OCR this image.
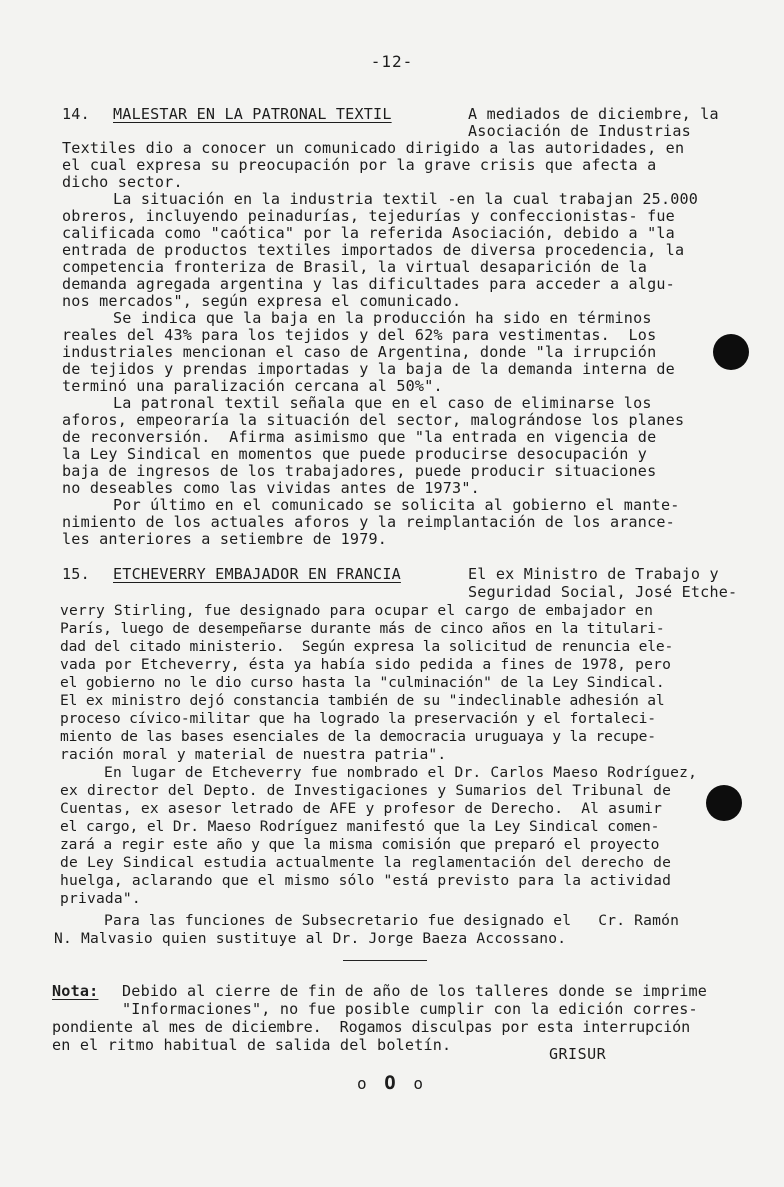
-12-
14. MALESTAR EN LA PATRONAL TEXTIL	A mediados de diciembre, la
Asociación de Industrias
Textiles dio a conocer un comunicado dirigido a las autoridades, en
el cual expresa su preocupación por la grave crisis que afecta a
dicho sector.
La situación en la industria textil -en la cual trabajan 25.000
obreros, incluyendo peinadurías, tejedurías y confeccionistas- fue
calificada como "caótica" por la referida Asociación, debido a "la
entrada de productos textiles importados de diversa procedencia, la
competencia fronteriza de Brasil, la virtual desaparición de la
demanda agregada argentina y las dificultades para acceder a algu-
nos mercados", según expresa el comunicado.
Se indica que la baja en la producción ha sido en términos
reales del 43% para los tejidos y del 62% para vestimentas.  Los
industriales mencionan el caso de Argentina, donde "la irrupción
de tejidos y prendas importadas y la baja de la demanda interna de
terminó una paralización cercana al 50%".
La patronal textil señala que en el caso de eliminarse los
aforos, empeoraría la situación del sector, malográndose los planes
de reconversión.  Afirma asimismo que "la entrada en vigencia de
la Ley Sindical en momentos que puede producirse desocupación y
baja de ingresos de los trabajadores, puede producir situaciones
no deseables como las vividas antes de 1973".
Por último en el comunicado se solicita al gobierno el mante-
nimiento de los actuales aforos y la reimplantación de los arance-
les anteriores a setiembre de 1979.
15. ETCHEVERRY EMBAJADOR EN FRANCIA	El ex Ministro de Trabajo y
Seguridad Social, José Etche-
verry Stirling, fue designado para ocupar el cargo de embajador en
París, luego de desempeñarse durante más de cinco años en la titulari-
dad del citado ministerio.  Según expresa la solicitud de renuncia ele-
vada por Etcheverry, ésta ya había sido pedida a fines de 1978, pero
el gobierno no le dio curso hasta la "culminación" de la Ley Sindical.
El ex ministro dejó constancia también de su "indeclinable adhesión al
proceso cívico-militar que ha logrado la preservación y el fortaleci-
miento de las bases esenciales de la democracia uruguaya y la recupe-
ración moral y material de nuestra patria".
En lugar de Etcheverry fue nombrado el Dr. Carlos Maeso Rodríguez,
ex director del Depto. de Investigaciones y Sumarios del Tribunal de
Cuentas, ex asesor letrado de AFE y profesor de Derecho.  Al asumir
el cargo, el Dr. Maeso Rodríguez manifestó que la Ley Sindical comen-
zará a regir este año y que la misma comisión que preparó el proyecto
de Ley Sindical estudia actualmente la reglamentación del derecho de
huelga, aclarando que el mismo sólo "está previsto para la actividad
privada".
Para las funciones de Subsecretario fue designado el   Cr. Ramón
N. Malvasio quien sustituye al Dr. Jorge Baeza Accossano.
Nota: Debido al cierre de fin de año de los talleres donde se imprime
"Informaciones", no fue posible cumplir con la edición corres-
pondiente al mes de diciembre.  Rogamos disculpas por esta interrupción
en el ritmo habitual de salida del boletín.	GRISUR
o O o
